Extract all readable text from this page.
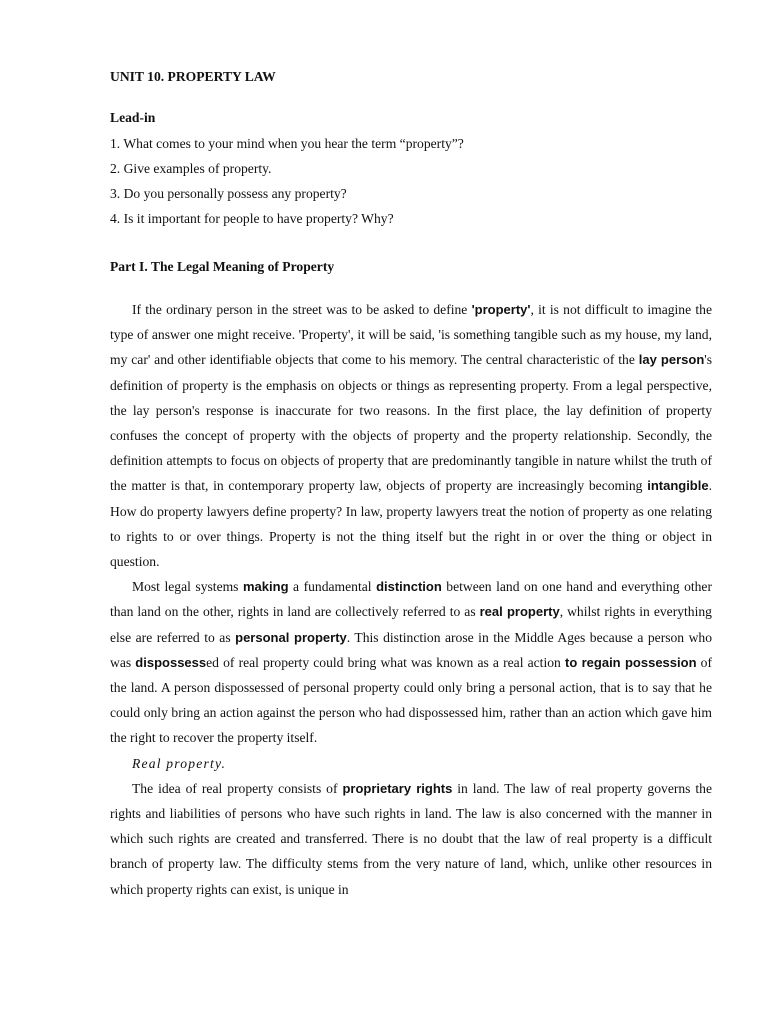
UNIT 10. PROPERTY LAW

Lead-in

1. What comes to your mind when you hear the term “property”?
2. Give examples of property.
3. Do you personally possess any property?
4. Is it important for people to have property? Why?

Part I. The Legal Meaning of Property

If the ordinary person in the street was to be asked to define 'property', it is not difficult to imagine the type of answer one might receive. 'Property', it will be said, 'is something tangible such as my house, my land, my car' and other identifiable objects that come to his memory. The central characteristic of the lay person's definition of property is the emphasis on objects or things as representing property. From a legal perspective, the lay person's response is inaccurate for two reasons. In the first place, the lay definition of property confuses the concept of property with the objects of property and the property relationship. Secondly, the definition attempts to focus on objects of property that are predominantly tangible in nature whilst the truth of the matter is that, in contemporary property law, objects of property are increasingly becoming intangible. How do property lawyers define property? In law, property lawyers treat the notion of property as one relating to rights to or over things. Property is not the thing itself but the right in or over the thing or object in question.

Most legal systems making a fundamental distinction between land on one hand and everything other than land on the other, rights in land are collectively referred to as real property, whilst rights in everything else are referred to as personal property. This distinction arose in the Middle Ages because a person who was dispossessed of real property could bring what was known as a real action to regain possession of the land. A person dispossessed of personal property could only bring a personal action, that is to say that he could only bring an action against the person who had dispossessed him, rather than an action which gave him the right to recover the property itself.

Real property.

The idea of real property consists of proprietary rights in land. The law of real property governs the rights and liabilities of persons who have such rights in land. The law is also concerned with the manner in which such rights are created and transferred. There is no doubt that the law of real property is a difficult branch of property law. The difficulty stems from the very nature of land, which, unlike other resources in which property rights can exist, is unique in
